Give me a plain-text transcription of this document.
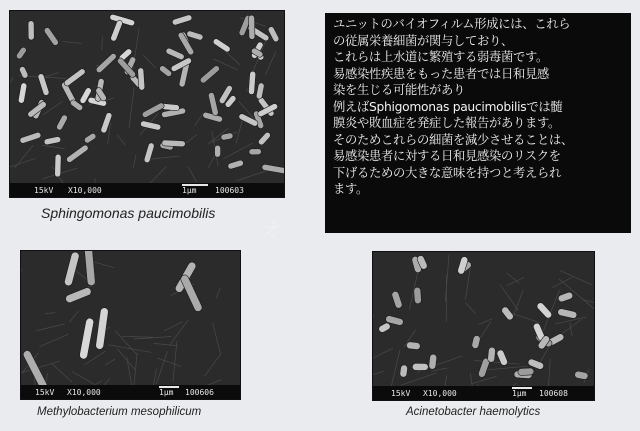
オ
15kV X10,000	1μm 100603
Sphingomonas paucimobilis
15kV X10,000	1μm 100606
Methylobacterium mesophilicum
15kV X10,000	1μm 100608
Acinetobacter haemolytics
ユニットのバイオフィルム形成には、これら
の従属栄養細菌が関与しており、
これらは上水道に繁殖する弱毒菌です。
易感染性疾患をもった患者では日和見感
染を生じる可能性があり
例えばSphigomonas paucimobilisでは髄
膜炎や敗血症を発症した報告があります。
そのためこれらの細菌を減少させることは、
易感染患者に対する日和見感染のリスクを
下げるための大きな意味を持つと考えられ
ます。
